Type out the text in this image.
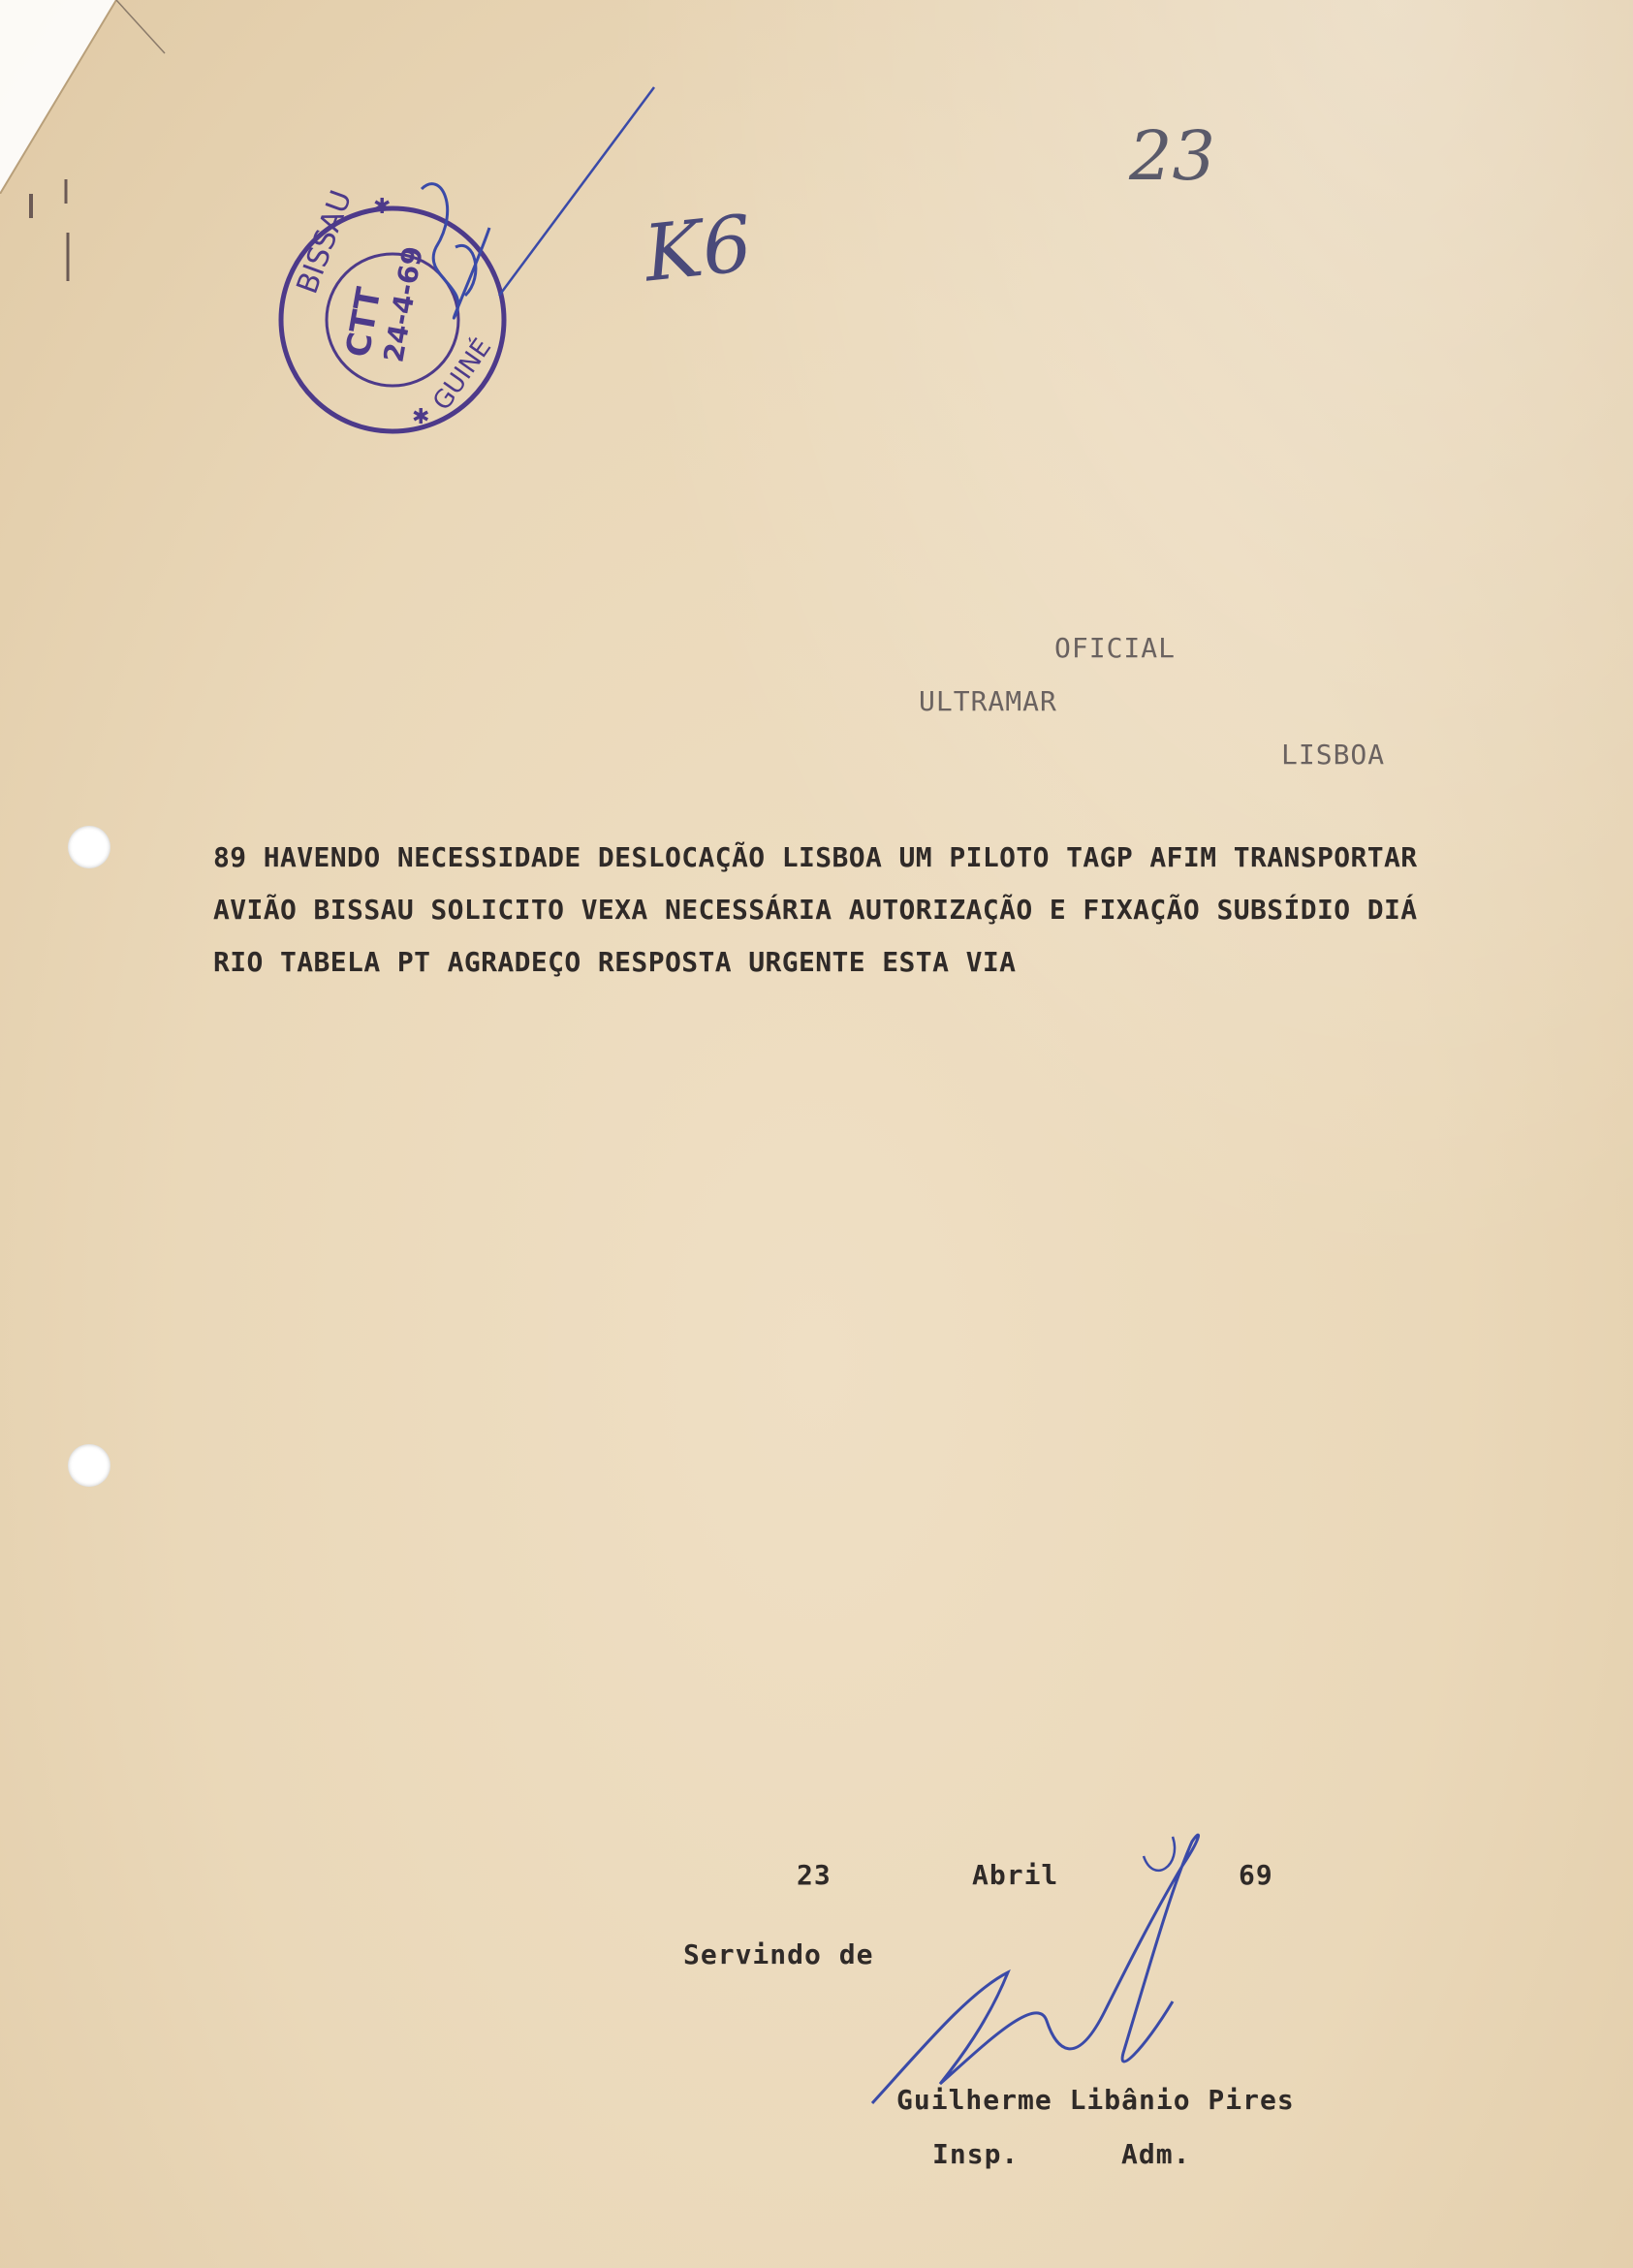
23
K6
BISSAU
GUINÉ
CTT
24-4-69
✱
✱
OFICIAL
ULTRAMAR
LISBOA
89 HAVENDO NECESSIDADE DESLOCAÇÃO LISBOA UM PILOTO TAGP AFIM TRANSPORTAR
AVIÃO BISSAU SOLICITO VEXA NECESSÁRIA AUTORIZAÇÃO E FIXAÇÃO SUBSÍDIO DIÁ
RIO TABELA PT AGRADEÇO RESPOSTA URGENTE ESTA VIA
23	Abril	69
Servindo de
Guilherme Libânio Pires
Insp.	Adm.
